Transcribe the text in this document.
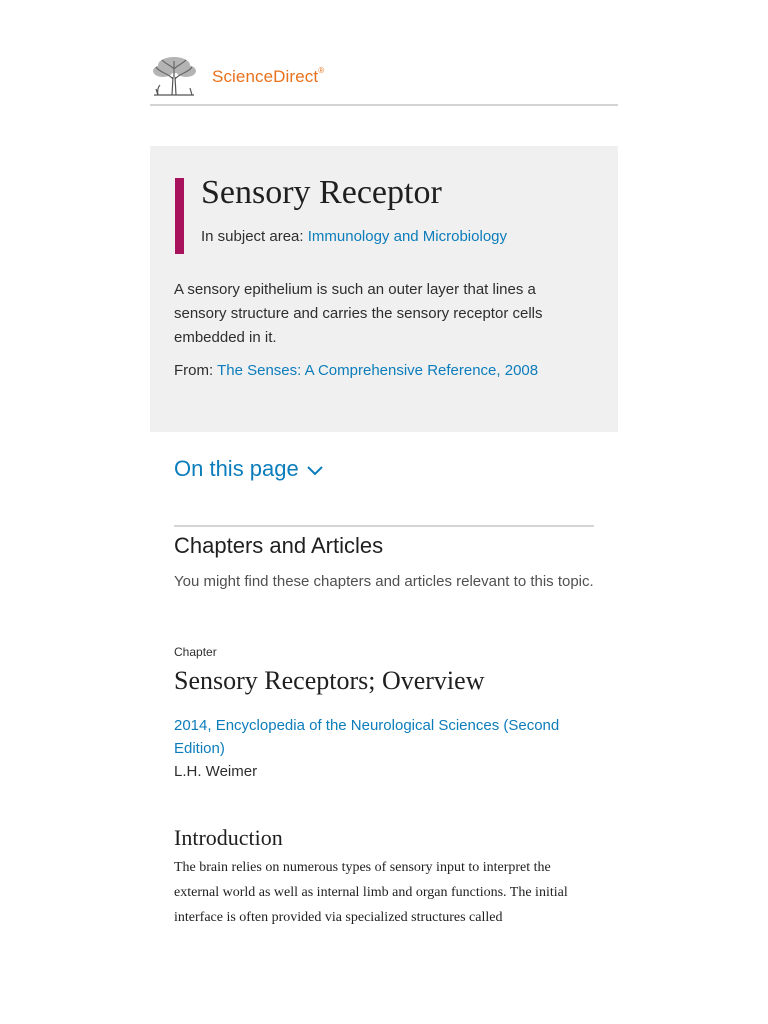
ScienceDirect®
Sensory Receptor
In subject area: Immunology and Microbiology
A sensory epithelium is such an outer layer that lines a sensory structure and carries the sensory receptor cells embedded in it.
From: The Senses: A Comprehensive Reference, 2008
On this page
Chapters and Articles
You might find these chapters and articles relevant to this topic.
Chapter
Sensory Receptors; Overview
2014, Encyclopedia of the Neurological Sciences (Second Edition)
L.H. Weimer
Introduction
The brain relies on numerous types of sensory input to interpret the external world as well as internal limb and organ functions. The initial interface is often provided via specialized structures called
